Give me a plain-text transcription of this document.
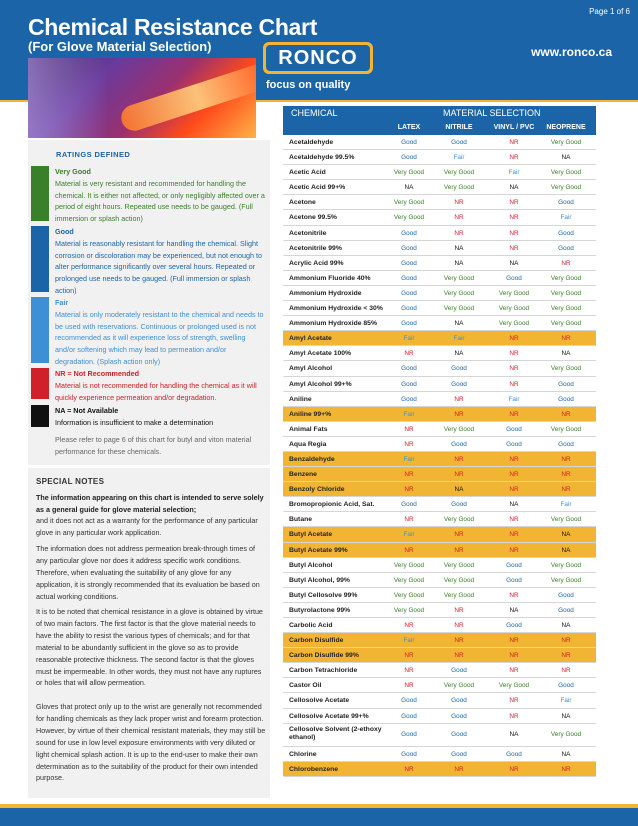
Page 1 of 6
Chemical Resistance Chart
(For Glove Material Selection)
RONCO
focus on quality
www.ronco.ca
RATINGS DEFINED
Very Good
Material is very resistant and recommended for handling the chemical. It is either not affected, or only negligibly affected over a period of eight hours. Repeated use needs to be gauged. (Full immersion or splash action)
Good
Material is reasonably resistant for handling the chemical. Slight corrosion or discoloration may be experienced, but not enough to alter performance significantly over several hours. Repeated or prolonged use needs to be gauged. (Full immersion or splash action)
Fair
Material is only moderately resistant to the chemical and needs to be used with reservations. Continuous or prolonged used is not recommended as it will experience loss of strength, swelling and/or softening which may lead to permeation and/or degradation. (Splash action only)
NR = Not Recommended
Material is not recommended for handling the chemical as it will quickly experience permeation and/or degradation.
NA = Not Available
Information is insufficient to make a determination
Please refer to page 6 of this chart for butyl and viton material performance for these chemicals.
SPECIAL NOTES

The information appearing on this chart is intended to serve solely as a general guide for glove material selection;

and it does not act as a warranty for the performance of any particular glove in any particular work application.

The information does not address permeation break-through times of any particular glove nor does it address specific work conditions. Therefore, when evaluating the suitability of any glove for any application, it is strongly recommended that its evaluation be based on actual working conditions.

It is to be noted that chemical resistance in a glove is obtained by virtue of two main factors. The first factor is that the glove material needs to have the ability to resist the various types of chemicals; and for that material to be abundantly sufficient in the glove so as to provide reasonable protective thickness. The second factor is that the gloves must be impermeable. In other words, they must not have any ruptures or holes that will allow permeation.

Gloves that protect only up to the wrist are generally not recommended for handling chemicals as they lack proper wrist and forearm protection. However, by virtue of their chemical resistant materials, they may still be sound for use in low level exposure environments with very diluted or light chemical splash action. It is up to the end-user to make their own determination as to the suitability of the product for their own intended purpose.

CHEMICAL	MATERIAL SELECTION
LATEX	NITRILE	VINYL / PVC	NEOPRENE
Acetaldehyde	Good	Good	NR	Very Good
Acetaldehyde 99.5%	Good	Fair	NR	NA
Acetic Acid	Very Good	Very Good	Fair	Very Good
Acetic Acid 99+%	NA	Very Good	NA	Very Good
Acetone	Very Good	NR	NR	Good
Acetone 99.5%	Very Good	NR	NR	Fair
Acetonitrile	Good	NR	NR	Good
Acetonitrile 99%	Good	NA	NR	Good
Acrylic Acid 99%	Good	NA	NA	NR
Ammonium Fluoride 40%	Good	Very Good	Good	Very Good
Ammonium Hydroxide	Good	Very Good	Very Good	Very Good
Ammonium Hydroxide < 30%	Good	Very Good	Very Good	Very Good
Ammonium Hydroxide 85%	Good	NA	Very Good	Very Good
Amyl Acetate	Fair	Fair	NR	NR
Amyl Acetate 100%	NR	NA	NR	NA
Amyl Alcohol	Good	Good	NR	Very Good
Amyl Alcohol 99+%	Good	Good	NR	Good
Aniline	Good	NR	Fair	Good
Aniline 99+%	Fair	NR	NR	NR
Animal Fats	NR	Very Good	Good	Very Good
Aqua Regia	NR	Good	Good	Good
Benzaldehyde	Fair	NR	NR	NR
Benzene	NR	NR	NR	NR
Benzoly Chloride	NR	NA	NR	NR
Bromopropionic Acid, Sat.	Good	Good	NA	Fair
Butane	NR	Very Good	NR	Very Good
Butyl Acetate	Fair	NR	NR	NA
Butyl Acetate 99%	NR	NR	NR	NA
Butyl Alcohol	Very Good	Very Good	Good	Very Good
Butyl Alcohol, 99%	Very Good	Very Good	Good	Very Good
Butyl Cellosolve 99%	Very Good	Very Good	NR	Good
Butyrolactone 99%	Very Good	NR	NA	Good
Carbolic Acid	NR	NR	Good	NA
Carbon Disulfide	Fair	NR	NR	NR
Carbon Disulfide 99%	NR	NR	NR	NR
Carbon Tetrachloride	NR	Good	NR	NR
Castor Oil	NR	Very Good	Very Good	Good
Cellosolve Acetate	Good	Good	NR	Fair
Cellosolve Acetate 99+%	Good	Good	NR	NA
Cellosolve Solvent (2-ethoxy ethanol)	Good	Good	NA	Very Good
Chlorine	Good	Good	Good	NA
Chlorobenzene	NR	NR	NR	NR
